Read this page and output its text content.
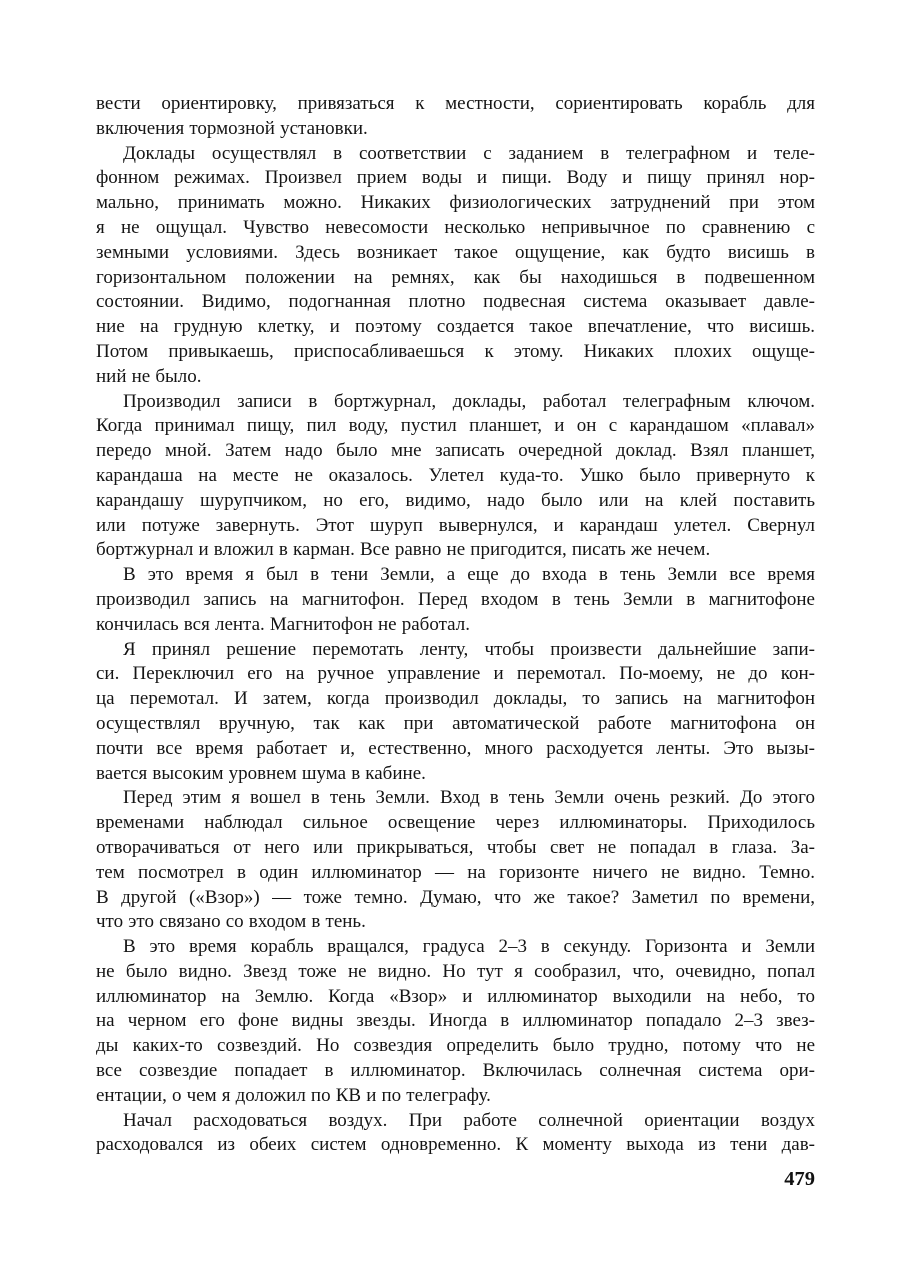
вести ориентировку, привязаться к местности, сориентировать корабль для
включения тормозной установки.
Доклады осуществлял в соответствии с заданием в телеграфном и теле-
фонном режимах. Произвел прием воды и пищи. Воду и пищу принял нор-
мально, принимать можно. Никаких физиологических затруднений при этом
я не ощущал. Чувство невесомости несколько непривычное по сравнению с
земными условиями. Здесь возникает такое ощущение, как будто висишь в
горизонтальном положении на ремнях, как бы находишься в подвешенном
состоянии. Видимо, подогнанная плотно подвесная система оказывает давле-
ние на грудную клетку, и поэтому создается такое впечатление, что висишь.
Потом привыкаешь, приспосабливаешься к этому. Никаких плохих ощуще-
ний не было.
Производил записи в бортжурнал, доклады, работал телеграфным ключом.
Когда принимал пищу, пил воду, пустил планшет, и он с карандашом «плавал»
передо мной. Затем надо было мне записать очередной доклад. Взял планшет,
карандаша на месте не оказалось. Улетел куда-то. Ушко было привернуто к
карандашу шурупчиком, но его, видимо, надо было или на клей поставить
или потуже завернуть. Этот шуруп вывернулся, и карандаш улетел. Свернул
бортжурнал и вложил в карман. Все равно не пригодится, писать же нечем.
В это время я был в тени Земли, а еще до входа в тень Земли все время
производил запись на магнитофон. Перед входом в тень Земли в магнитофоне
кончилась вся лента. Магнитофон не работал.
Я принял решение перемотать ленту, чтобы произвести дальнейшие запи-
си. Переключил его на ручное управление и перемотал. По-моему, не до кон-
ца перемотал. И затем, когда производил доклады, то запись на магнитофон
осуществлял вручную, так как при автоматической работе магнитофона он
почти все время работает и, естественно, много расходуется ленты. Это вызы-
вается высоким уровнем шума в кабине.
Перед этим я вошел в тень Земли. Вход в тень Земли очень резкий. До этого
временами наблюдал сильное освещение через иллюминаторы. Приходилось
отворачиваться от него или прикрываться, чтобы свет не попадал в глаза. За-
тем посмотрел в один иллюминатор — на горизонте ничего не видно. Темно.
В другой («Взор») — тоже темно. Думаю, что же такое? Заметил по времени,
что это связано со входом в тень.
В это время корабль вращался, градуса 2–3 в секунду. Горизонта и Земли
не было видно. Звезд тоже не видно. Но тут я сообразил, что, очевидно, попал
иллюминатор на Землю. Когда «Взор» и иллюминатор выходили на небо, то
на черном его фоне видны звезды. Иногда в иллюминатор попадало 2–3 звез-
ды каких-то созвездий. Но созвездия определить было трудно, потому что не
все созвездие попадает в иллюминатор. Включилась солнечная система ори-
ентации, о чем я доложил по КВ и по телеграфу.
Начал расходоваться воздух. При работе солнечной ориентации воздух
расходовался из обеих систем одновременно. К моменту выхода из тени дав-
479
